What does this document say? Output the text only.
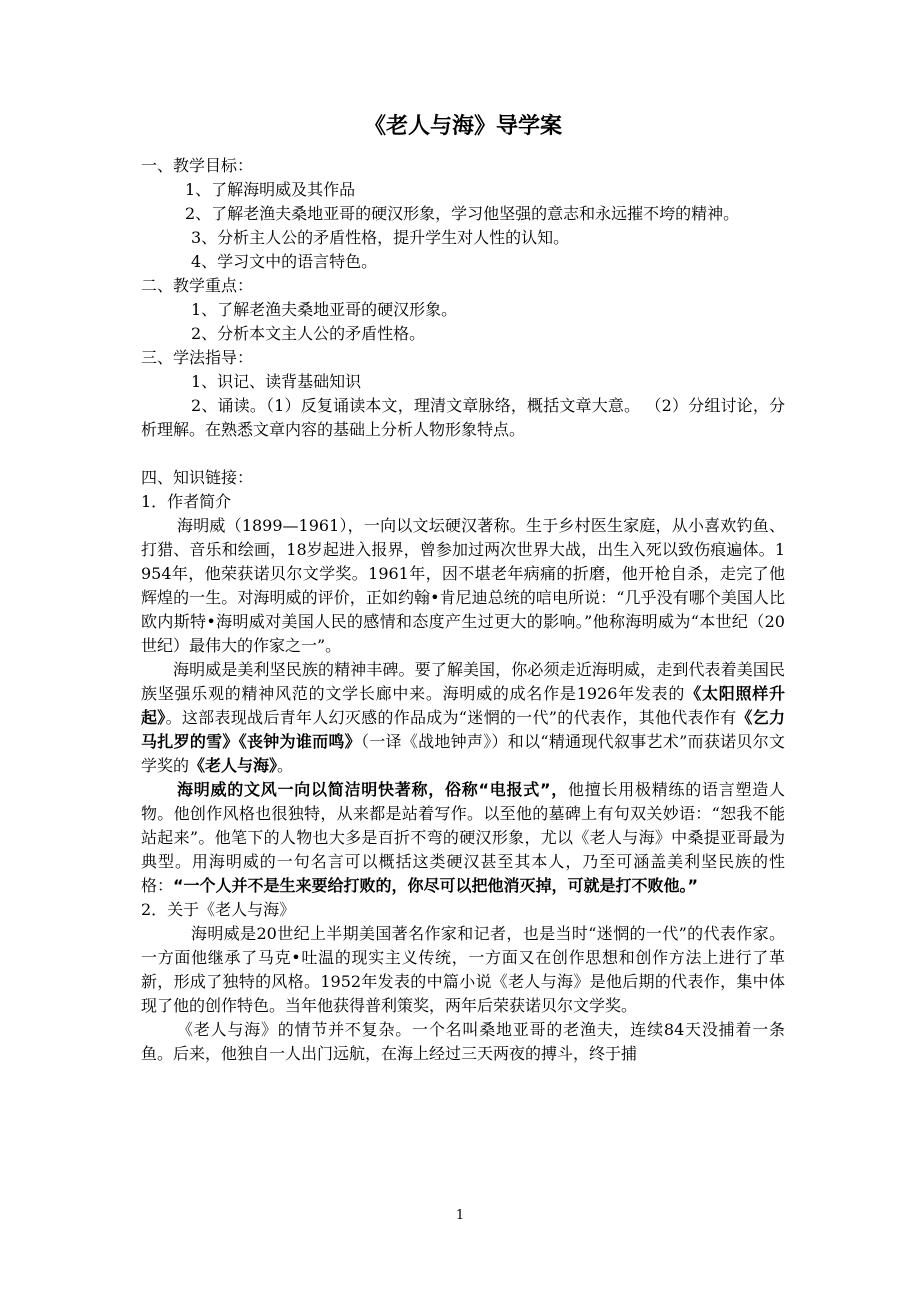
《老人与海》导学案

一、教学目标：

1、了解海明威及其作品

2、了解老渔夫桑地亚哥的硬汉形象，学习他坚强的意志和永远摧不垮的精神。

3、分析主人公的矛盾性格，提升学生对人性的认知。

4、学习文中的语言特色。

二、教学重点：

1、了解老渔夫桑地亚哥的硬汉形象。

2、分析本文主人公的矛盾性格。

三、学法指导：

1、识记、读背基础知识

2、诵读。（1）反复诵读本文，理清文章脉络，概括文章大意。 （2）分组讨论，分析理解。在熟悉文章内容的基础上分析人物形象特点。

四、知识链接：

1．作者简介

海明威（1899—1961），一向以文坛硬汉著称。生于乡村医生家庭，从小喜欢钓鱼、打猎、音乐和绘画，18岁起进入报界，曾参加过两次世界大战，出生入死以致伤痕遍体。1954年，他荣获诺贝尔文学奖。1961年，因不堪老年病痛的折磨，他开枪自杀，走完了他辉煌的一生。对海明威的评价，正如约翰•肯尼迪总统的唁电所说：“几乎没有哪个美国人比欧内斯特•海明威对美国人民的感情和态度产生过更大的影响。”他称海明威为“本世纪（20世纪）最伟大的作家之一”。

海明威是美利坚民族的精神丰碑。要了解美国，你必须走近海明威，走到代表着美国民族坚强乐观的精神风范的文学长廊中来。海明威的成名作是1926年发表的《太阳照样升起》。这部表现战后青年人幻灭感的作品成为“迷惘的一代”的代表作，其他代表作有《乞力马扎罗的雪》《丧钟为谁而鸣》（一译《战地钟声》）和以“精通现代叙事艺术”而获诺贝尔文学奖的《老人与海》。

海明威的文风一向以简洁明快著称，俗称“电报式”，他擅长用极精练的语言塑造人物。他创作风格也很独特，从来都是站着写作。以至他的墓碑上有句双关妙语：“恕我不能站起来”。他笔下的人物也大多是百折不弯的硬汉形象，尤以《老人与海》中桑提亚哥最为典型。用海明威的一句名言可以概括这类硬汉甚至其本人，乃至可涵盖美利坚民族的性格：“一个人并不是生来要给打败的，你尽可以把他消灭掉，可就是打不败他。”

2．关于《老人与海》

海明威是20世纪上半期美国著名作家和记者，也是当时“迷惘的一代”的代表作家。一方面他继承了马克•吐温的现实主义传统，一方面又在创作思想和创作方法上进行了革新，形成了独特的风格。1952年发表的中篇小说《老人与海》是他后期的代表作，集中体现了他的创作特色。当年他获得普利策奖，两年后荣获诺贝尔文学奖。

《老人与海》的情节并不复杂。一个名叫桑地亚哥的老渔夫，连续84天没捕着一条鱼。后来，他独自一人出门远航，在海上经过三天两夜的搏斗，终于捕

1
